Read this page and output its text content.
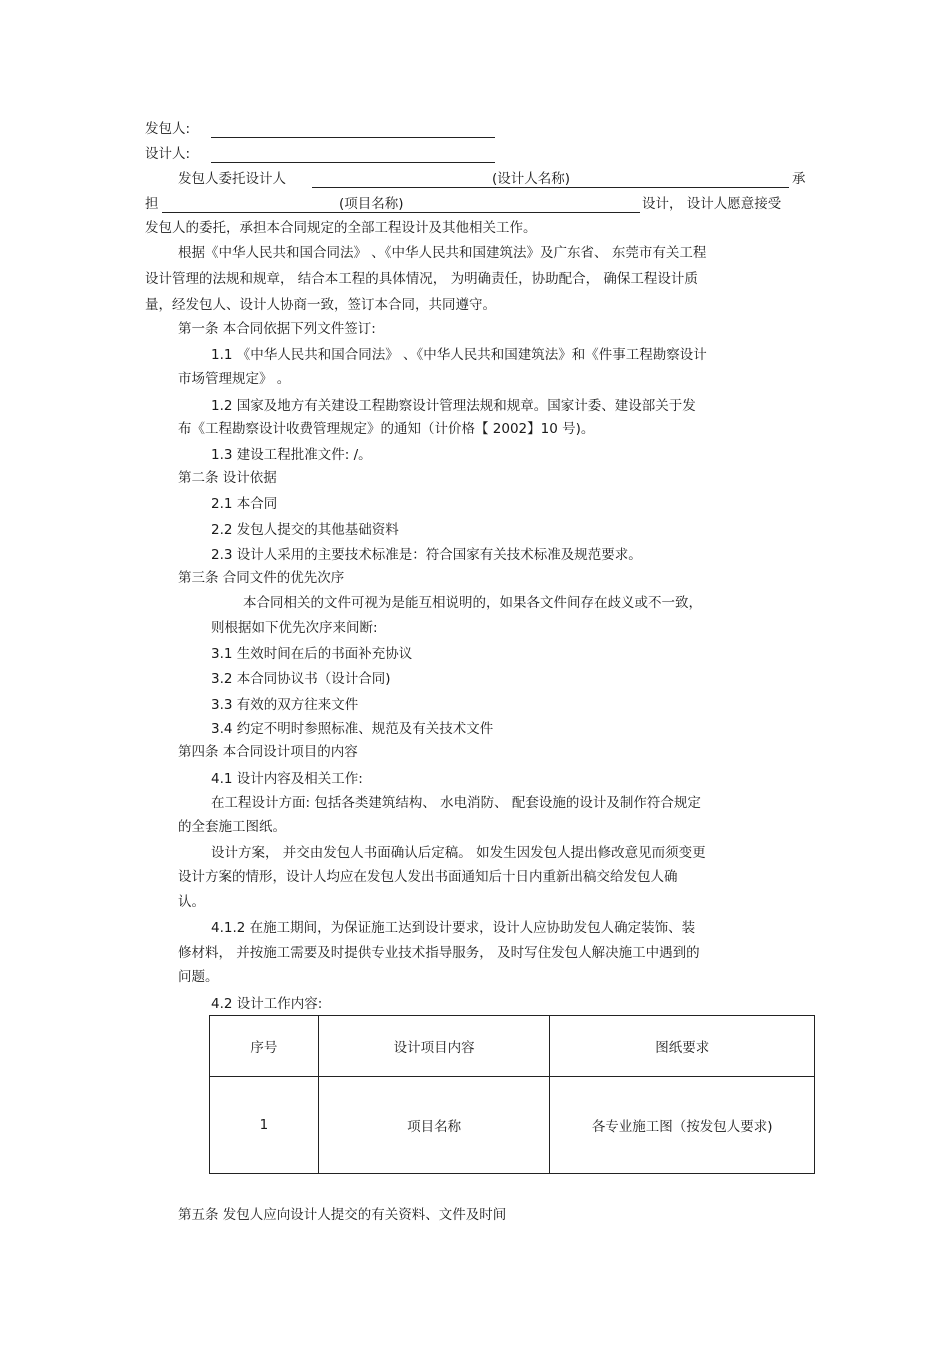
发包人:
设计人:
发包人委托设计人	(设计人名称)	承
担	(项目名称)	设计， 设计人愿意接受
发包人的委托，承担本合同规定的全部工程设计及其他相关工作。
根据《中华人民共和国合同法》 、《中华人民共和国建筑法》及广东省、 东莞市有关工程
设计管理的法规和规章， 结合本工程的具体情况， 为明确责任，协助配合， 确保工程设计质
量，经发包人、设计人协商一致，签订本合同，共同遵守。
第一条 本合同依据下列文件签订:
1.1 《中华人民共和国合同法》 、《中华人民共和国建筑法》和《件事工程勘察设计
市场管理规定》 。
1.2 国家及地方有关建设工程勘察设计管理法规和规章。国家计委、建设部关于发
布《工程勘察设计收费管理规定》的通知（计价格【 2002】10 号)。
1.3 建设工程批准文件: /。
第二条 设计依据
2.1 本合同
2.2 发包人提交的其他基础资料
2.3 设计人采用的主要技术标准是：符合国家有关技术标准及规范要求。
第三条 合同文件的优先次序
本合同相关的文件可视为是能互相说明的，如果各文件间存在歧义或不一致，
则根据如下优先次序来间断:
3.1 生效时间在后的书面补充协议
3.2 本合同协议书（设计合同)
3.3 有效的双方往来文件
3.4 约定不明时参照标准、规范及有关技术文件
第四条 本合同设计项目的内容
4.1 设计内容及相关工作:
在工程设计方面: 包括各类建筑结构、 水电消防、 配套设施的设计及制作符合规定
的全套施工图纸。
设计方案， 并交由发包人书面确认后定稿。 如发生因发包人提出修改意见而须变更
设计方案的情形，设计人均应在发包人发出书面通知后十日内重新出稿交给发包人确
认。
4.1.2 在施工期间，为保证施工达到设计要求，设计人应协助发包人确定装饰、装
修材料， 并按施工需要及时提供专业技术指导服务， 及时写住发包人解决施工中遇到的
问题。
4.2 设计工作内容:
序号	设计项目内容	图纸要求
1	项目名称	各专业施工图（按发包人要求)
第五条 发包人应向设计人提交的有关资料、文件及时间
